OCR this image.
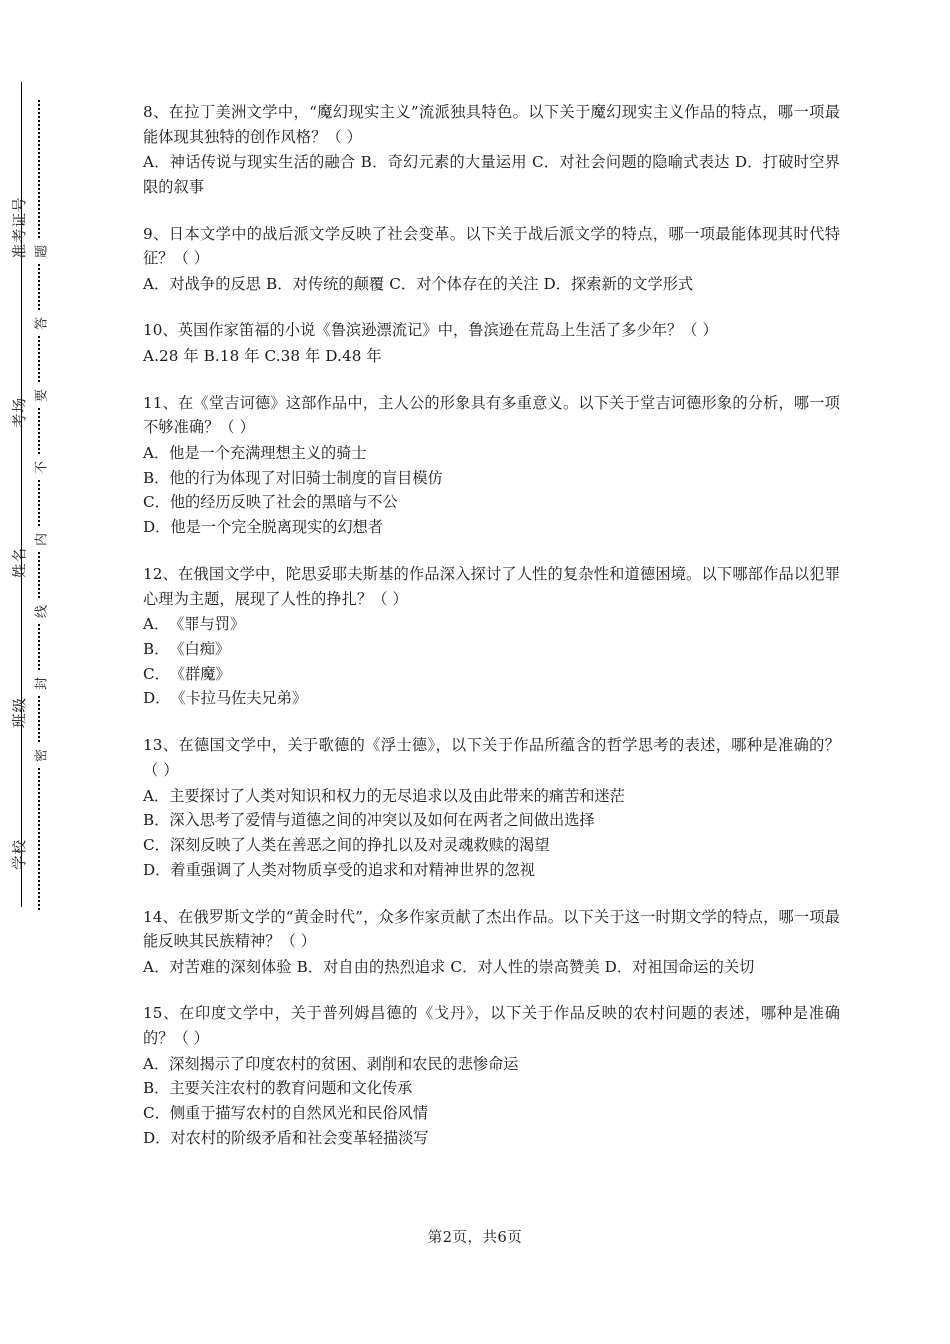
准考证号
考场
姓名
班级
学校
题
答
要
不
内
线
封
密

8、在拉丁美洲文学中，“魔幻现实主义”流派独具特色。以下关于魔幻现实主义作品的特点，哪一项最能体现其独特的创作风格？（ ）

A．神话传说与现实生活的融合 B．奇幻元素的大量运用 C．对社会问题的隐喻式表达 D．打破时空界限的叙事

9、日本文学中的战后派文学反映了社会变革。以下关于战后派文学的特点，哪一项最能体现其时代特征？（ ）

A．对战争的反思 B．对传统的颠覆 C．对个体存在的关注 D．探索新的文学形式

10、英国作家笛福的小说《鲁滨逊漂流记》中，鲁滨逊在荒岛上生活了多少年？（ ）

A.28 年 B.18 年 C.38 年 D.48 年

11、在《堂吉诃德》这部作品中，主人公的形象具有多重意义。以下关于堂吉诃德形象的分析，哪一项不够准确？（ ）

A．他是一个充满理想主义的骑士
B．他的行为体现了对旧骑士制度的盲目模仿
C．他的经历反映了社会的黑暗与不公
D．他是一个完全脱离现实的幻想者

12、在俄国文学中，陀思妥耶夫斯基的作品深入探讨了人性的复杂性和道德困境。以下哪部作品以犯罪心理为主题，展现了人性的挣扎？（ ）

A．《罪与罚》
B．《白痴》
C．《群魔》
D．《卡拉马佐夫兄弟》

13、在德国文学中，关于歌德的《浮士德》，以下关于作品所蕴含的哲学思考的表述，哪种是准确的？（ ）

A．主要探讨了人类对知识和权力的无尽追求以及由此带来的痛苦和迷茫
B．深入思考了爱情与道德之间的冲突以及如何在两者之间做出选择
C．深刻反映了人类在善恶之间的挣扎以及对灵魂救赎的渴望
D．着重强调了人类对物质享受的追求和对精神世界的忽视

14、在俄罗斯文学的“黄金时代”，众多作家贡献了杰出作品。以下关于这一时期文学的特点，哪一项最能反映其民族精神？（ ）

A．对苦难的深刻体验 B．对自由的热烈追求 C．对人性的崇高赞美 D．对祖国命运的关切

15、在印度文学中，关于普列姆昌德的《戈丹》，以下关于作品反映的农村问题的表述，哪种是准确的？（ ）

A．深刻揭示了印度农村的贫困、剥削和农民的悲惨命运
B．主要关注农村的教育问题和文化传承
C．侧重于描写农村的自然风光和民俗风情
D．对农村的阶级矛盾和社会变革轻描淡写
第2页，共6页
